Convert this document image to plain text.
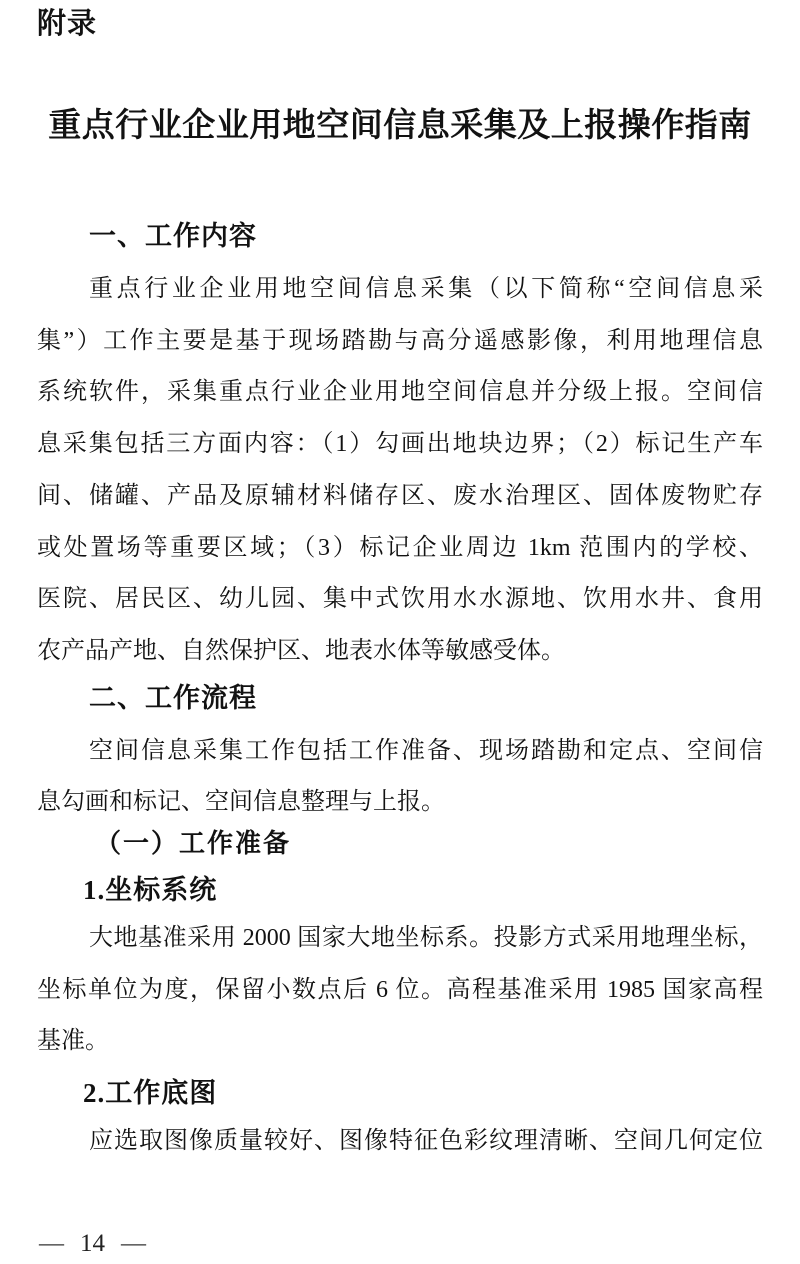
附录
重点行业企业用地空间信息采集及上报操作指南
一、工作内容
重点行业企业用地空间信息采集（以下简称“空间信息采
集”）工作主要是基于现场踏勘与高分遥感影像，利用地理信息
系统软件，采集重点行业企业用地空间信息并分级上报。空间信
息采集包括三方面内容：（1）勾画出地块边界；（2）标记生产车
间、储罐、产品及原辅材料储存区、废水治理区、固体废物贮存
或处置场等重要区域；（3）标记企业周边 1km 范围内的学校、
医院、居民区、幼儿园、集中式饮用水水源地、饮用水井、食用
农产品产地、自然保护区、地表水体等敏感受体。
二、工作流程
空间信息采集工作包括工作准备、现场踏勘和定点、空间信
息勾画和标记、空间信息整理与上报。
（一）工作准备
1.坐标系统
大地基准采用 2000 国家大地坐标系。投影方式采用地理坐标，
坐标单位为度，保留小数点后 6 位。高程基准采用 1985 国家高程
基准。
2.工作底图
应选取图像质量较好、图像特征色彩纹理清晰、空间几何定位
— 14 —
